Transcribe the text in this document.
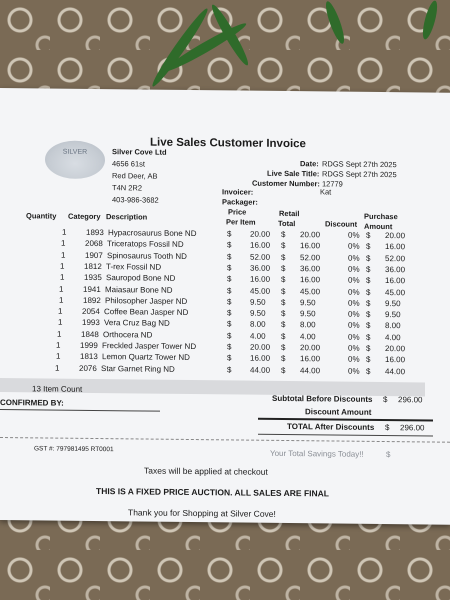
Live Sales Customer Invoice
SILVER	Silver Cove Ltd
4656 61st
Red Deer, AB
T4N 2R2
403-986-3682
Date: RDGS Sept 27th 2025
Live Sale Title: RDGS Sept 27th 2025
Customer Number: 12779
Invoicer:	Kat
Packager:
Quantity Category Description
Price
Per Item
Retail
Total	Discount
Purchase
Amount
1 1893 Hypacrosaurus Bone ND	$ 20.00 $ 20.00	0% $ 20.00
1 2068 Triceratops Fossil ND	$ 16.00 $ 16.00	0% $ 16.00
1 1907 Spinosaurus Tooth ND	$ 52.00 $ 52.00	0% $ 52.00
1 1812 T-rex Fossil ND	$ 36.00 $ 36.00	0% $ 36.00
1 1935 Sauropod Bone ND	$ 16.00 $ 16.00	0% $ 16.00
1 1941 Maiasaur Bone ND	$ 45.00 $ 45.00	0% $ 45.00
1 1892 Philosopher Jasper ND	$ 9.50 $ 9.50	0% $ 9.50
1 2054 Coffee Bean Jasper ND	$ 9.50 $ 9.50	0% $ 9.50
1 1993 Vera Cruz Bag ND	$ 8.00 $ 8.00	0% $ 8.00
1 1848 Orthocera ND	$ 4.00 $ 4.00	0% $ 4.00
1 1999 Freckled Jasper Tower ND	$ 20.00 $ 20.00	0% $ 20.00
1 1813 Lemon Quartz Tower ND	$ 16.00 $ 16.00	0% $ 16.00
1 2076 Star Garnet Ring ND	$ 44.00 $ 44.00	0% $ 44.00
13 Item Count
CONFIRMED BY:	Subtotal Before Discounts $ 296.00
Discount Amount
TOTAL After Discounts $ 296.00
GST #: 797981495 RT0001	Your Total Savings Today!!	$
Taxes will be applied at checkout
THIS IS A FIXED PRICE AUCTION. ALL SALES ARE FINAL
Thank you for Shopping at Silver Cove!
